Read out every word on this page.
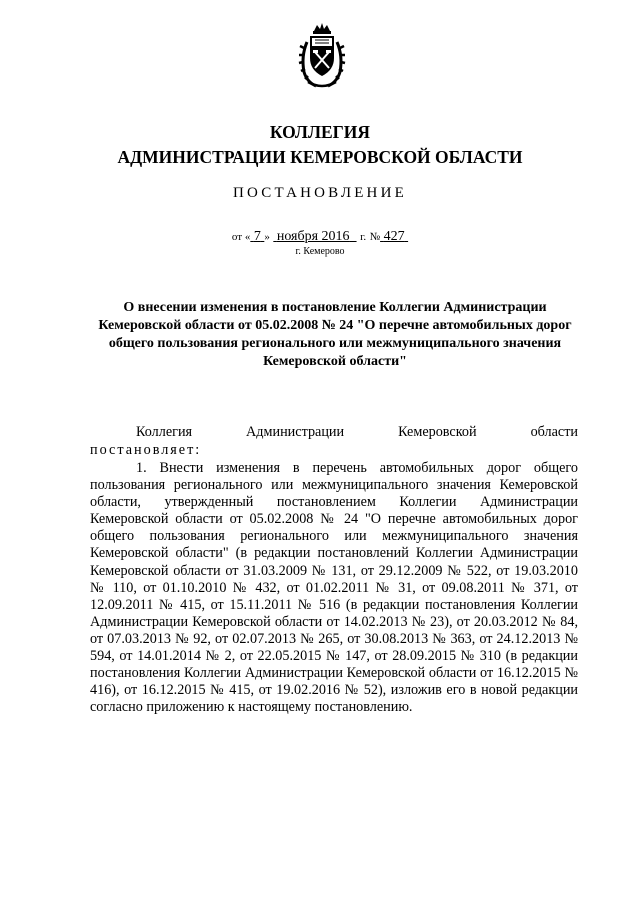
КОЛЛЕГИЯ
АДМИНИСТРАЦИИ КЕМЕРОВСКОЙ ОБЛАСТИ
ПОСТАНОВЛЕНИЕ
от « 7 » ноября 2016 г. № 427
г. Кемерово
О внесении изменения в постановление Коллегии Администрации Кемеровской области от 05.02.2008 № 24 "О перечне автомобильных дорог общего пользования регионального или межмуниципального значения Кемеровской области"
Коллегия Администрации Кемеровской области
постановляет:
1. Внести изменения в перечень автомобильных дорог общего пользования регионального или межмуниципального значения Кемеровской области, утвержденный постановлением Коллегии Администрации Кемеровской области от 05.02.2008 № 24 "О перечне автомобильных дорог общего пользования регионального или межмуниципального значения Кемеровской области" (в редакции постановлений Коллегии Администрации Кемеровской области от 31.03.2009 № 131, от 29.12.2009 № 522, от 19.03.2010 № 110, от 01.10.2010 № 432, от 01.02.2011 № 31, от 09.08.2011 № 371, от 12.09.2011 № 415, от 15.11.2011 № 516 (в редакции постановления Коллегии Администрации Кемеровской области от 14.02.2013 № 23), от 20.03.2012 № 84, от 07.03.2013 № 92, от 02.07.2013 № 265, от 30.08.2013 № 363, от 24.12.2013 № 594, от 14.01.2014 № 2, от 22.05.2015 № 147, от 28.09.2015 № 310 (в редакции постановления Коллегии Администрации Кемеровской области от 16.12.2015 № 416), от 16.12.2015 № 415, от 19.02.2016 № 52), изложив его в новой редакции согласно приложению к настоящему постановлению.
